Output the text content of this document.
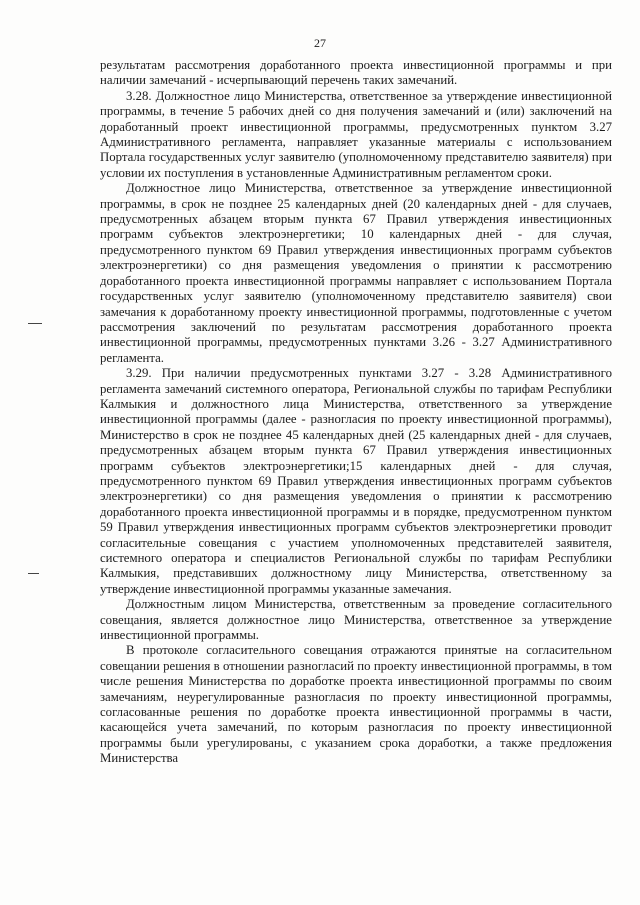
27

результатам рассмотрения доработанного проекта инвестиционной программы и при наличии замечаний - исчерпывающий перечень таких замечаний.

3.28. Должностное лицо Министерства, ответственное за утверждение инвестиционной программы, в течение 5 рабочих дней со дня получения замечаний и (или) заключений на доработанный проект инвестиционной программы, предусмотренных пунктом 3.27 Административного регламента, направляет указанные материалы с использованием Портала государственных услуг заявителю (уполномоченному представителю заявителя) при условии их поступления в установленные Административным регламентом сроки.

Должностное лицо Министерства, ответственное за утверждение инвестиционной программы, в срок не позднее 25 календарных дней (20 календарных дней - для случаев, предусмотренных абзацем вторым пункта 67 Правил утверждения инвестиционных программ субъектов электроэнергетики; 10 календарных дней - для случая, предусмотренного пунктом 69 Правил утверждения инвестиционных программ субъектов электроэнергетики) со дня размещения уведомления о принятии к рассмотрению доработанного проекта инвестиционной программы направляет с использованием Портала государственных услуг заявителю (уполномоченному представителю заявителя) свои замечания к доработанному проекту инвестиционной программы, подготовленные с учетом рассмотрения заключений по результатам рассмотрения доработанного проекта инвестиционной программы, предусмотренных пунктами 3.26 - 3.27 Административного регламента.

3.29. При наличии предусмотренных пунктами 3.27 - 3.28 Административного регламента замечаний системного оператора, Региональной службы по тарифам Республики Калмыкия и должностного лица Министерства, ответственного за утверждение инвестиционной программы (далее - разногласия по проекту инвестиционной программы), Министерство в срок не позднее 45 календарных дней (25 календарных дней - для случаев, предусмотренных абзацем вторым пункта 67 Правил утверждения инвестиционных программ субъектов электроэнергетики;15 календарных дней - для случая, предусмотренного пунктом 69 Правил утверждения инвестиционных программ субъектов электроэнергетики) со дня размещения уведомления о принятии к рассмотрению доработанного проекта инвестиционной программы и в порядке, предусмотренном пунктом 59 Правил утверждения инвестиционных программ субъектов электроэнергетики проводит согласительные совещания с участием уполномоченных представителей заявителя, системного оператора и специалистов Региональной службы по тарифам Республики Калмыкия, представивших должностному лицу Министерства, ответственному за утверждение инвестиционной программы указанные замечания.

Должностным лицом Министерства, ответственным за проведение согласительного совещания, является должностное лицо Министерства, ответственное за утверждение инвестиционной программы.

В протоколе согласительного совещания отражаются принятые на согласительном совещании решения в отношении разногласий по проекту инвестиционной программы, в том числе решения Министерства по доработке проекта инвестиционной программы по своим замечаниям, неурегулированные разногласия по проекту инвестиционной программы, согласованные решения по доработке проекта инвестиционной программы в части, касающейся учета замечаний, по которым разногласия по проекту инвестиционной программы были урегулированы, с указанием срока доработки, а также предложения Министерства
